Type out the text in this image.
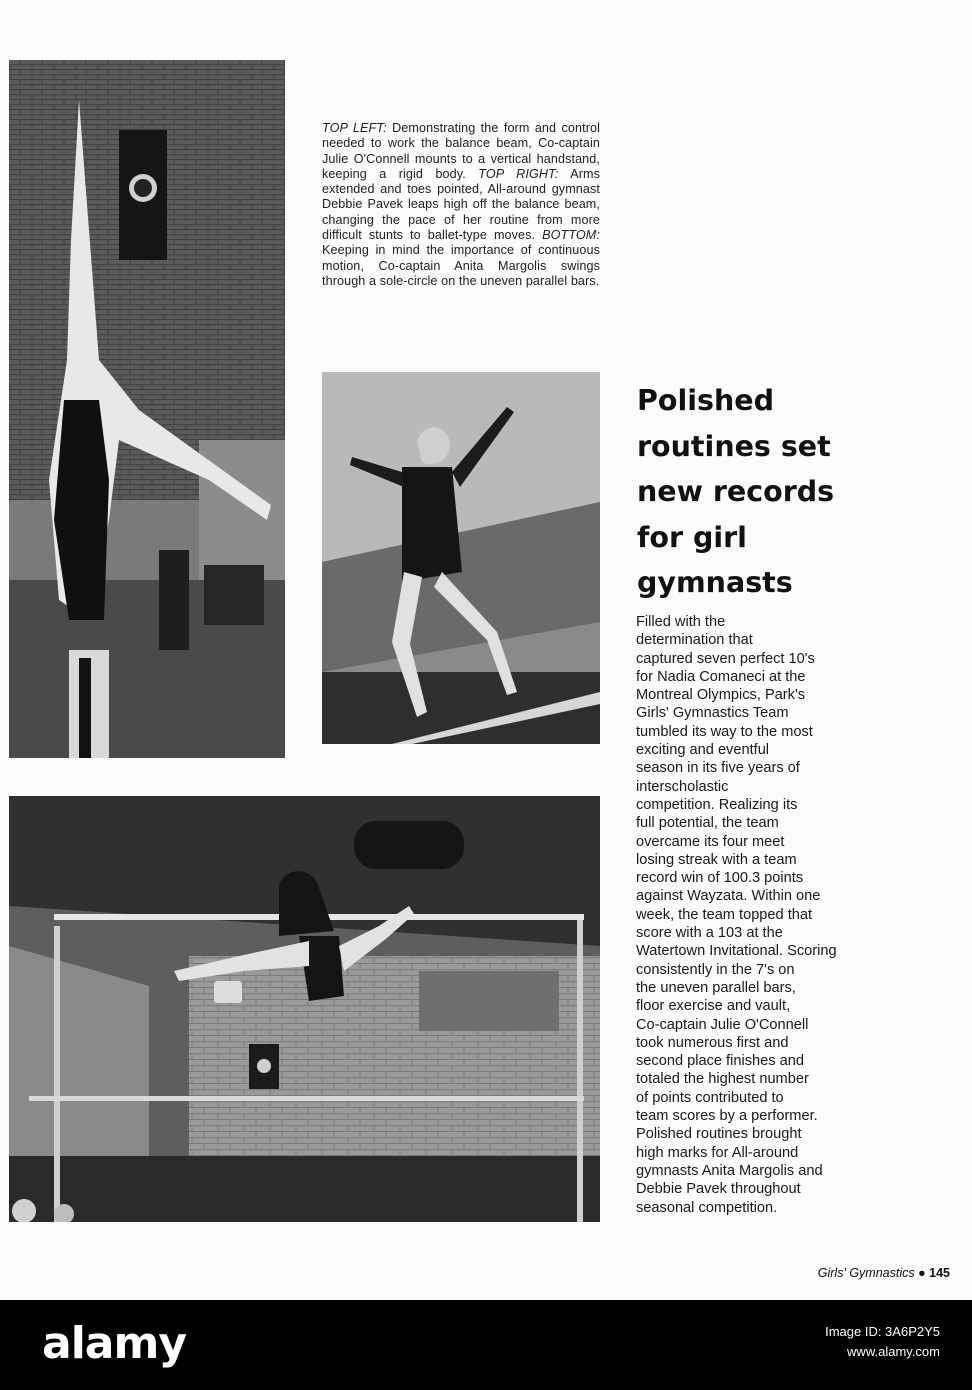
TOP LEFT: Demonstrating the form and control needed to work the balance beam, Co-captain Julie O'Connell mounts to a vertical handstand, keeping a rigid body. TOP RIGHT: Arms extended and toes pointed, All-around gymnast Debbie Pavek leaps high off the balance beam, changing the pace of her routine from more difficult stunts to ballet-type moves. BOTTOM: Keeping in mind the importance of continuous motion, Co-captain Anita Margolis swings through a sole-circle on the uneven parallel bars.
Polished
routines set
new records
for girl
gymnasts
Filled with the
determination that
captured seven perfect 10's
for Nadia Comaneci at the
Montreal Olympics, Park's
Girls' Gymnastics Team
tumbled its way to the most
exciting and eventful
season in its five years of
interscholastic
competition. Realizing its
full potential, the team
overcame its four meet
losing streak with a team
record win of 100.3 points
against Wayzata. Within one
week, the team topped that
score with a 103 at the
Watertown Invitational. Scoring
consistently in the 7's on
the uneven parallel bars,
floor exercise and vault,
Co-captain Julie O'Connell
took numerous first and
second place finishes and
totaled the highest number
of points contributed to
team scores by a performer.
Polished routines brought
high marks for All-around
gymnasts Anita Margolis and
Debbie Pavek throughout
seasonal competition.
Girls' Gymnastics ● 145
alamy	Image ID: 3A6P2Y5
www.alamy.com
